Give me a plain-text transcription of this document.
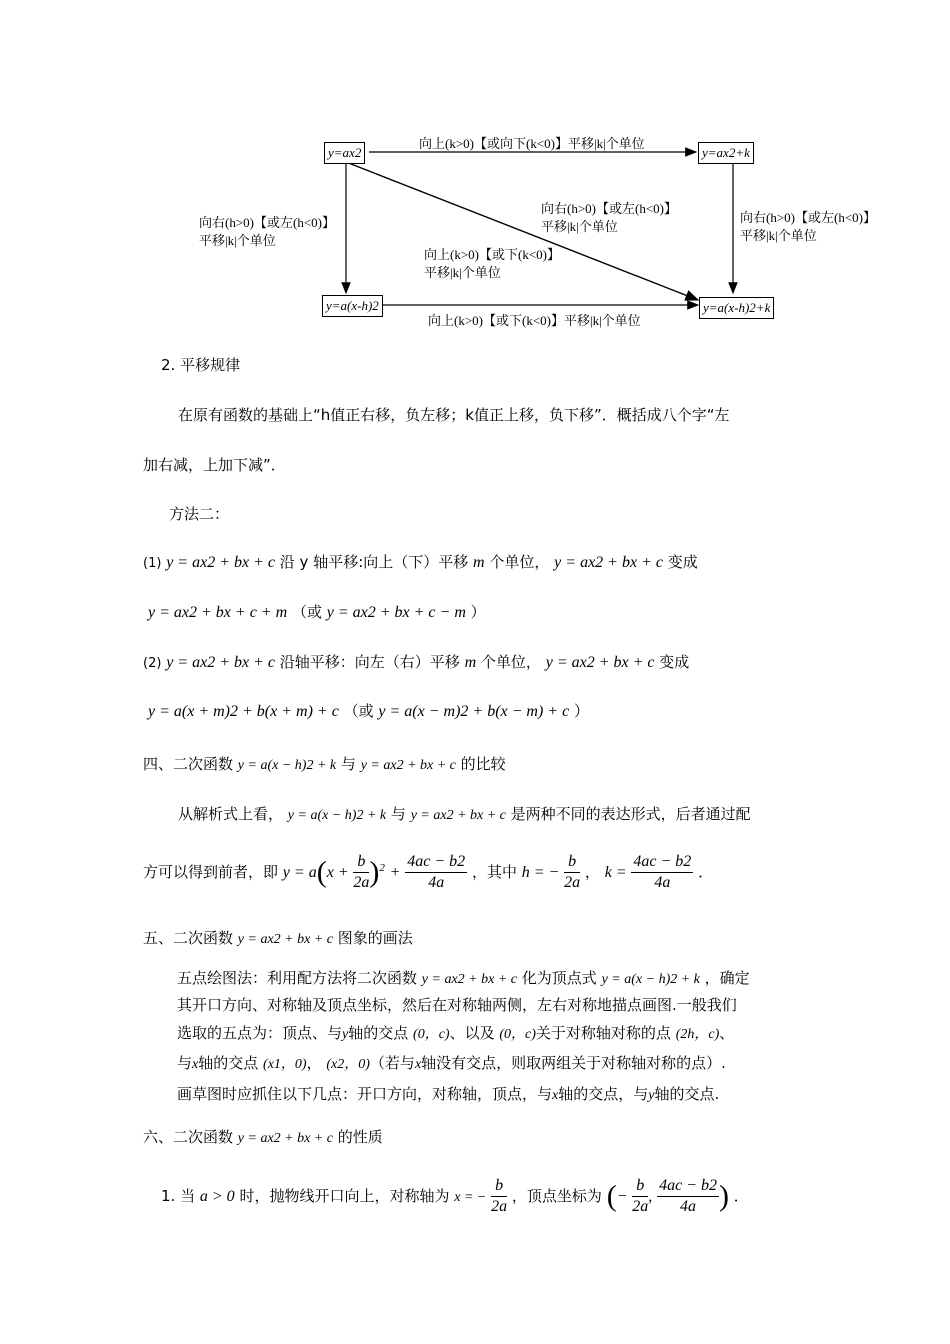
y=ax2	y=ax2+k
y=a(x-h)2	y=a(x-h)2+k
向上(k>0)【或向下(k<0)】平移|k|个单位
向右(h>0)【或左(h<0)】
平移|k|个单位
向右(h>0)【或左(h<0)】
平移|k|个单位
向上(k>0)【或下(k<0)】
平移|k|个单位
向右(h>0)【或左(h<0)】
平移|k|个单位
向上(k>0)【或下(k<0)】平移|k|个单位
2. 平移规律
在原有函数的基础上“h值正右移，负左移；k值正上移，负下移”．概括成八个字“左
加右减，上加下减”．
方法二：
(1) y = ax2 + bx + c 沿 y 轴平移:向上（下）平移 m 个单位， y = ax2 + bx + c 变成
y = ax2 + bx + c + m （或 y = ax2 + bx + c − m ）
(2) y = ax2 + bx + c 沿轴平移：向左（右）平移 m 个单位， y = ax2 + bx + c 变成
y = a(x + m)2 + b(x + m) + c （或 y = a(x − m)2 + b(x − m) + c ）
四、二次函数 y = a(x − h)2 + k 与 y = ax2 + bx + c 的比较
从解析式上看， y = a(x − h)2 + k 与 y = ax2 + bx + c 是两种不同的表达形式，后者通过配
方可以得到前者，即 $y = a(x + \frac{b}{2a} )^2 + \frac{4ac - b2}{4a}$ ，其中 h = − $\frac{b}{2a}$ ， $k = \frac{4ac - b2}{4a}$ ．
五、二次函数 y = ax2 + bx + c 图象的画法
五点绘图法：利用配方法将二次函数 y = ax2 + bx + c 化为顶点式 y = a(x − h)2 + k ，确定
其开口方向、对称轴及顶点坐标，然后在对称轴两侧，左右对称地描点画图.一般我们
选取的五点为：顶点、与y轴的交点 (0，c)、以及 (0，c)关于对称轴对称的点 (2h，c)、
与x轴的交点 (x1，0)， (x2，0)（若与x轴没有交点，则取两组关于对称轴对称的点）.
画草图时应抓住以下几点：开口方向，对称轴，顶点，与x轴的交点，与y轴的交点.
六、二次函数 y = ax2 + bx + c 的性质
1. 当 a > 0 时，抛物线开口向上，对称轴为 x = − $\frac{b}{2a}$ ，顶点坐标为 (− $\frac{b}{2a}$ , $\frac{4ac - b2}{4a}$ ) ．
